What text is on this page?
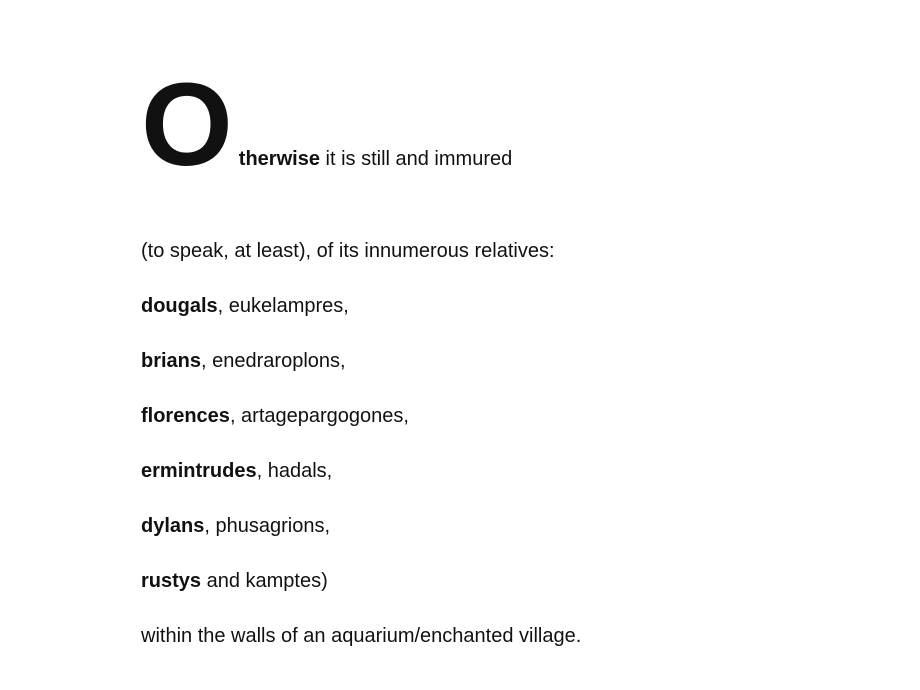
Otherwise it is still and immured

(to speak, at least), of its innumerous relatives:

dougals, eukelampres,

brians, enedraroplons,

florences, artagepargogones,

ermintrudes, hadals,

dylans, phusagrions,

rustys and kamptes)

within the walls of an aquarium/enchanted village.
